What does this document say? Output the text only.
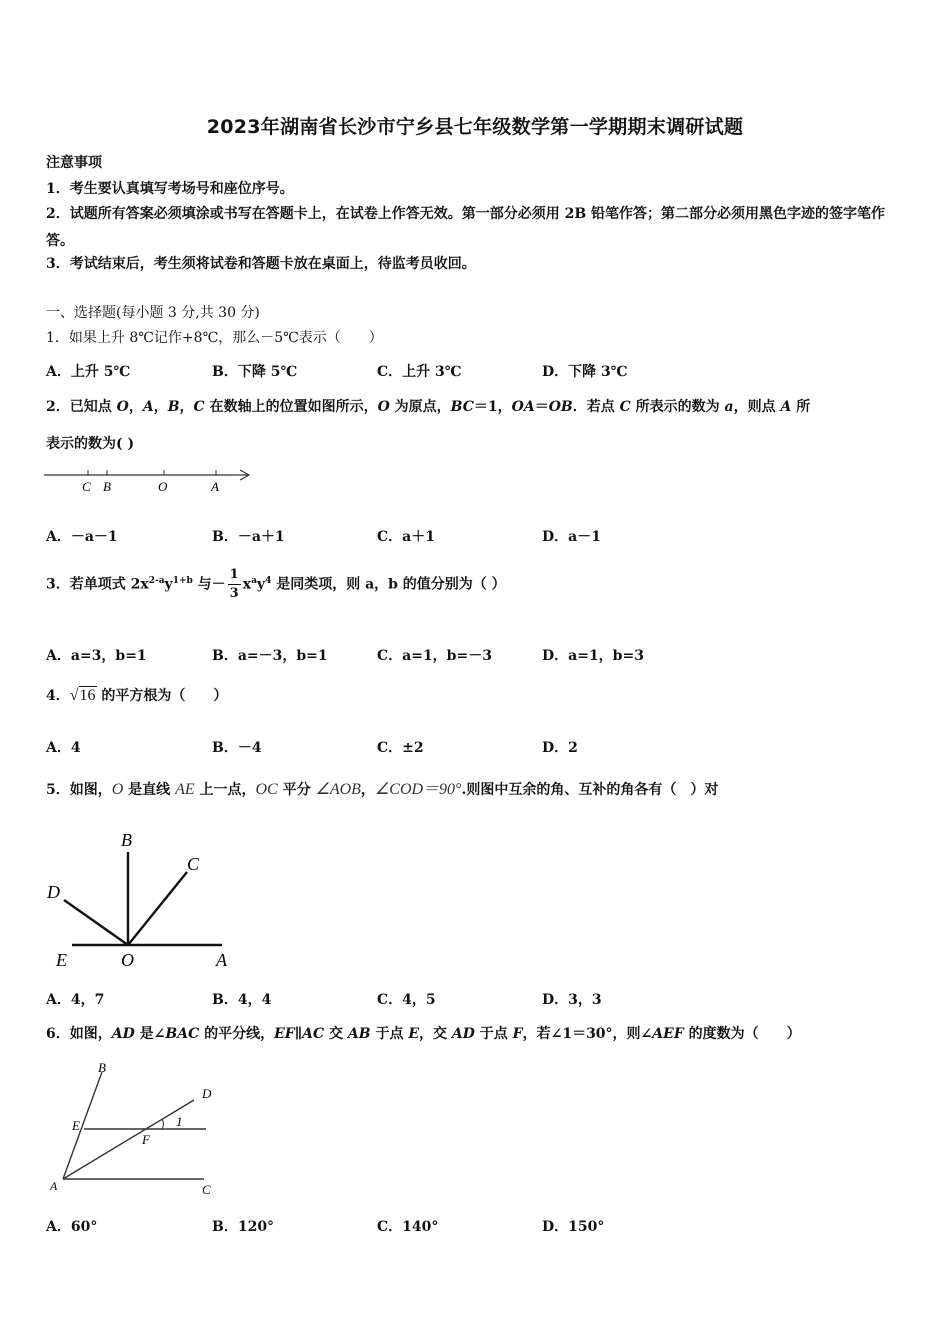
2023年湖南省长沙市宁乡县七年级数学第一学期期末调研试题
注意事项
1．考生要认真填写考场号和座位序号。
2．试题所有答案必须填涂或书写在答题卡上，在试卷上作答无效。第一部分必须用 2B 铅笔作答；第二部分必须用黑色字迹的签字笔作答。
3．考试结束后，考生须将试卷和答题卡放在桌面上，待监考员收回。
一、选择题(每小题 3 分,共 30 分)
1．如果上升 8℃记作+8℃，那么－5℃表示（　　）
A．上升 5℃	B．下降 5℃	C．上升 3℃	D．下降 3℃
2．已知点 O，A，B，C 在数轴上的位置如图所示，O 为原点，BC＝1，OA＝OB．若点 C 所表示的数为 a，则点 A 所
表示的数为( )
C B	O	A
A．－a－1	B．－a＋1	C．a＋1	D．a－1
3．若单项式 $2x^{2-a}y^{1+b}$ 与－ $\frac{1}{3} x^ay^4$ 是同类项，则 a，b 的值分别为（ ）
A．a=3，b=1	B．a=－3，b=1	C．a=1，b=－3	D．a=1，b=3
4．√16 的平方根为（　　）
A．4	B．－4	C．±2	D．2
5．如图，O 是直线 AE 上一点，OC 平分 ∠AOB，∠COD＝90°.则图中互余的角、互补的角各有（　）对
B
C
D
E	O	A
A．4，7	B．4，4	C．4，5	D．3，3
6．如图，AD 是∠BAC 的平分线，EF∥AC 交 AB 于点 E，交 AD 于点 F，若∠1＝30°，则∠AEF 的度数为（　　）
B
D
E
F
1
A	C
A．60°	B．120°	C．140°	D．150°
